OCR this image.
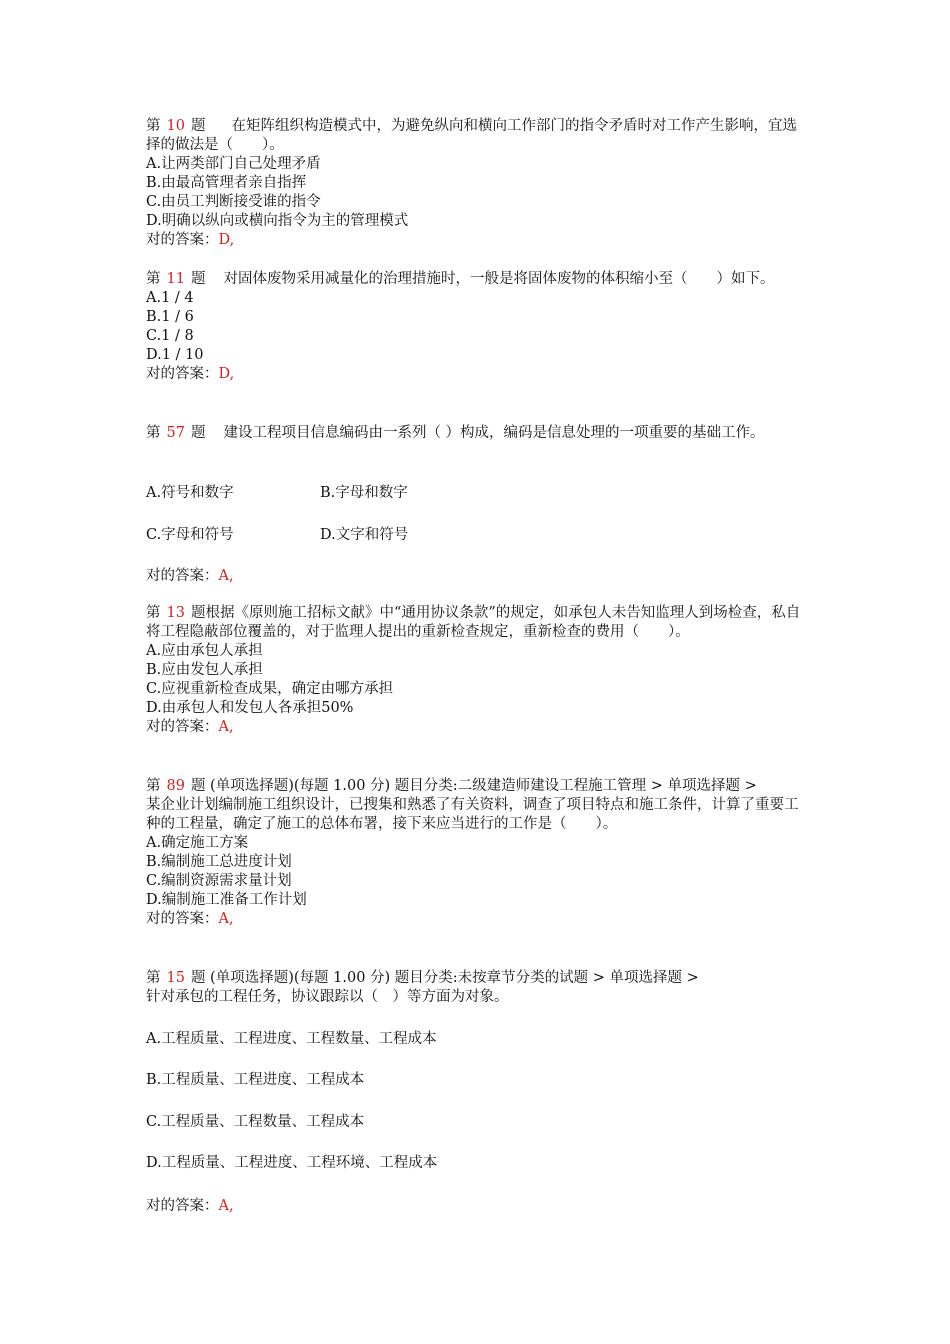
第 10 题 在矩阵组织构造模式中，为避免纵向和横向工作部门的指令矛盾时对工作产生影响，宜选择的做法是（　　）。
A.让两类部门自己处理矛盾
B.由最高管理者亲自指挥
C.由员工判断接受谁的指令
D.明确以纵向或横向指令为主的管理模式
对的答案：D,
第 11 题 对固体废物采用减量化的治理措施时，一般是将固体废物的体积缩小至（　　）如下。
A.1 / 4
B.1 / 6
C.1 / 8
D.1 / 10
对的答案：D,
第 57 题 建设工程项目信息编码由一系列（ ）构成，编码是信息处理的一项重要的基础工作。
A.符号和数字	B.字母和数字
C.字母和符号	D.文字和符号
对的答案：A,
第 13 题根据《原则施工招标文献》中“通用协议条款”的规定，如承包人未告知监理人到场检查，私自将工程隐蔽部位覆盖的，对于监理人提出的重新检查规定，重新检查的费用（　　）。
A.应由承包人承担
B.应由发包人承担
C.应视重新检查成果，确定由哪方承担
D.由承包人和发包人各承担50%
对的答案：A,
第 89 题 (单项选择题)(每题 1.00 分) 题目分类:二级建造师建设工程施工管理 > 单项选择题 >
某企业计划编制施工组织设计，已搜集和熟悉了有关资料，调查了项目特点和施工条件，计算了重要工种的工程量，确定了施工的总体布署，接下来应当进行的工作是（　　）。
A.确定施工方案
B.编制施工总进度计划
C.编制资源需求量计划
D.编制施工准备工作计划
对的答案：A,
第 15 题 (单项选择题)(每题 1.00 分) 题目分类:未按章节分类的试题 > 单项选择题 >
针对承包的工程任务，协议跟踪以（　）等方面为对象。
A.工程质量、工程进度、工程数量、工程成本
B.工程质量、工程进度、工程成本
C.工程质量、工程数量、工程成本
D.工程质量、工程进度、工程环境、工程成本
对的答案：A,
